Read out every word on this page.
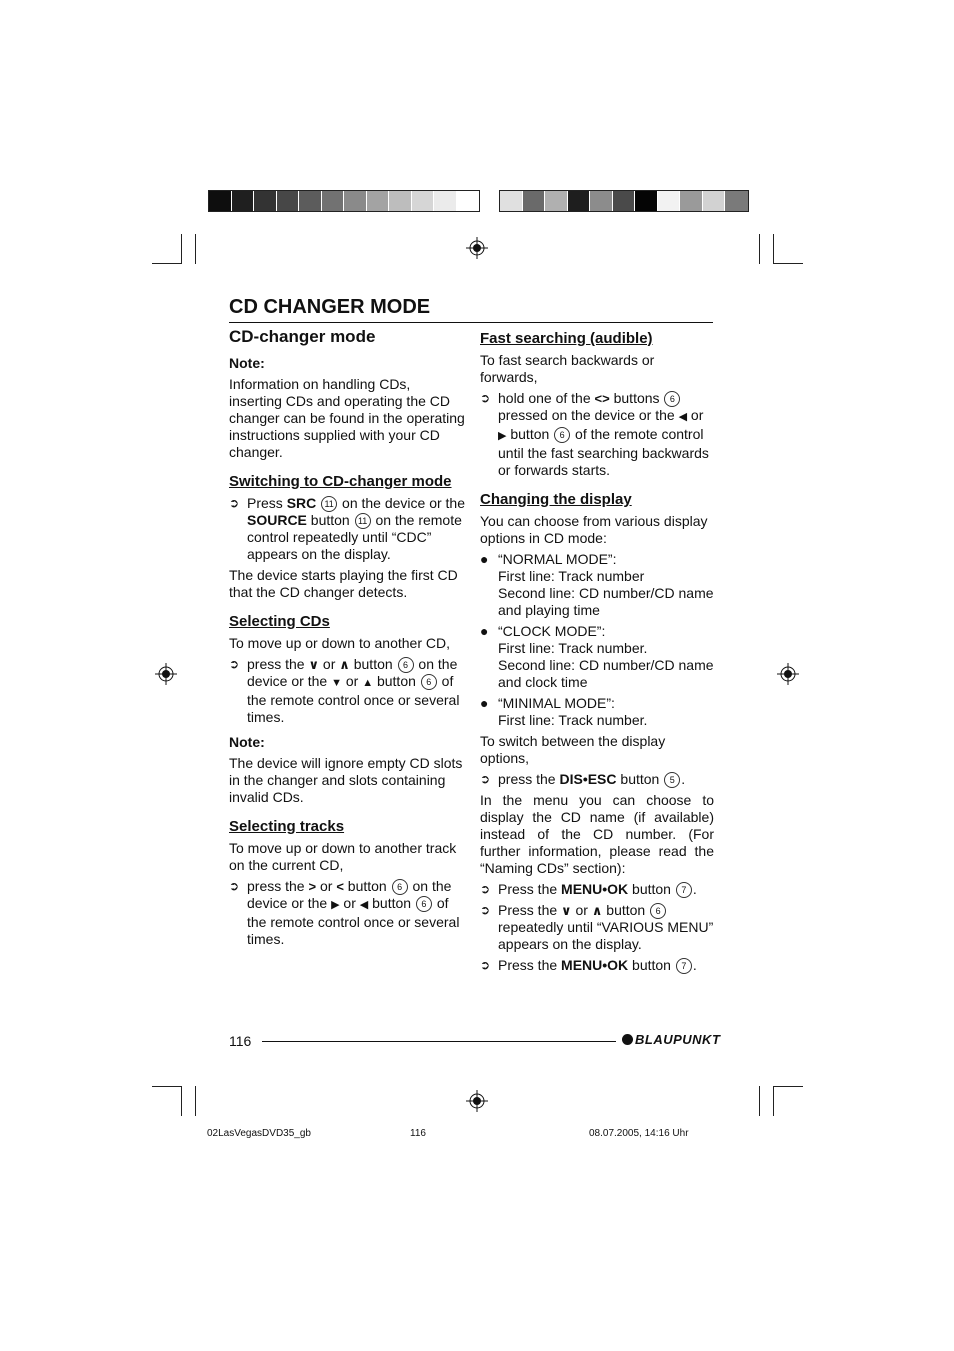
CD CHANGER MODE
CD-changer mode

Note:

Information on handling CDs, inserting CDs and operating the CD changer can be found in the operating instructions supplied with your CD changer.

Switching to CD-changer mode

➲ Press SRC 11 on the device or the SOURCE button 11 on the remote control repeatedly until “CDC” appears on the display.

The device starts playing the first CD that the CD changer detects.

Selecting CDs

To move up or down to another CD,

➲ press the ∨ or ∧ button 6 on the device or the ▼ or ▲ button 6 of the remote control once or several times.

Note:

The device will ignore empty CD slots in the changer and slots containing invalid CDs.

Selecting tracks

To move up or down to another track on the current CD,

➲ press the > or < button 6 on the device or the ▶ or ◀ button 6 of the remote control once or several times.

Fast searching (audible)

To fast search backwards or forwards,

➲ hold one of the <> buttons 6 pressed on the device or the ◀ or ▶ button 6 of the remote control until the fast searching backwards or forwards starts.

Changing the display

You can choose from various display options in CD mode:

● “NORMAL MODE”:
First line: Track number
Second line: CD number/CD name and playing time
● “CLOCK MODE”:
First line: Track number.
Second line: CD number/CD name and clock time
● “MINIMAL MODE”:
First line: Track number.

To switch between the display options,

➲ press the DIS•ESC button 5 .

In the menu you can choose to display the CD name (if available) instead of the CD number. (For further information, please read the “Naming CDs” section):

➲ Press the MENU•OK button 7 .

➲ Press the ∨ or ∧ button 6 repeatedly until “VARIOUS MENU” appears on the display.

➲ Press the MENU•OK button 7 .

116	BLAUPUNKT
02LasVegasDVD35_gb	116	08.07.2005, 14:16 Uhr
